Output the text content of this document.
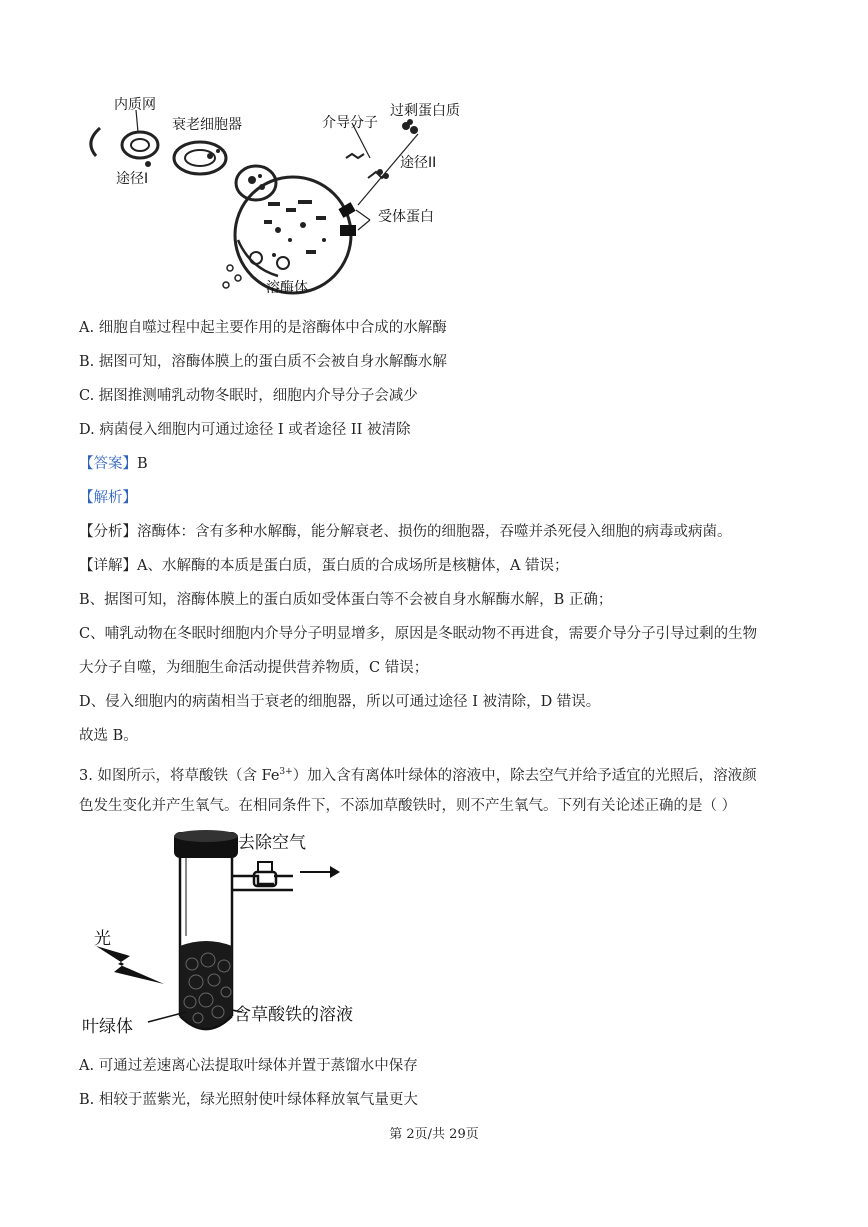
内质网
衰老细胞器
途径I
介导分子
过剩蛋白质
途径II
受体蛋白
溶酶体
A. 细胞自噬过程中起主要作用的是溶酶体中合成的水解酶
B. 据图可知，溶酶体膜上的蛋白质不会被自身水解酶水解
C. 据图推测哺乳动物冬眠时，细胞内介导分子会减少
D. 病菌侵入细胞内可通过途径 I 或者途径 II 被清除
【答案】B
【解析】
【分析】溶酶体：含有多种水解酶，能分解衰老、损伤的细胞器，吞噬并杀死侵入细胞的病毒或病菌。
【详解】A、水解酶的本质是蛋白质，蛋白质的合成场所是核糖体，A 错误；
B、据图可知，溶酶体膜上的蛋白质如受体蛋白等不会被自身水解酶水解，B 正确；
C、哺乳动物在冬眠时细胞内介导分子明显增多，原因是冬眠动物不再进食，需要介导分子引导过剩的生物
大分子自噬，为细胞生命活动提供营养物质，C 错误；
D、侵入细胞内的病菌相当于衰老的细胞器，所以可通过途径 I 被清除，D 错误。
故选 B。
3. 如图所示，将草酸铁（含 $Fe^{3+}$）加入含有离体叶绿体的溶液中，除去空气并给予适宜的光照后，溶液颜
色发生变化并产生氧气。在相同条件下，不添加草酸铁时，则不产生氧气。下列有关论述正确的是（ ）
去除空气
光
叶绿体
含草酸铁的溶液
A. 可通过差速离心法提取叶绿体并置于蒸馏水中保存
B. 相较于蓝紫光，绿光照射使叶绿体释放氧气量更大
第 2页/共 29页
